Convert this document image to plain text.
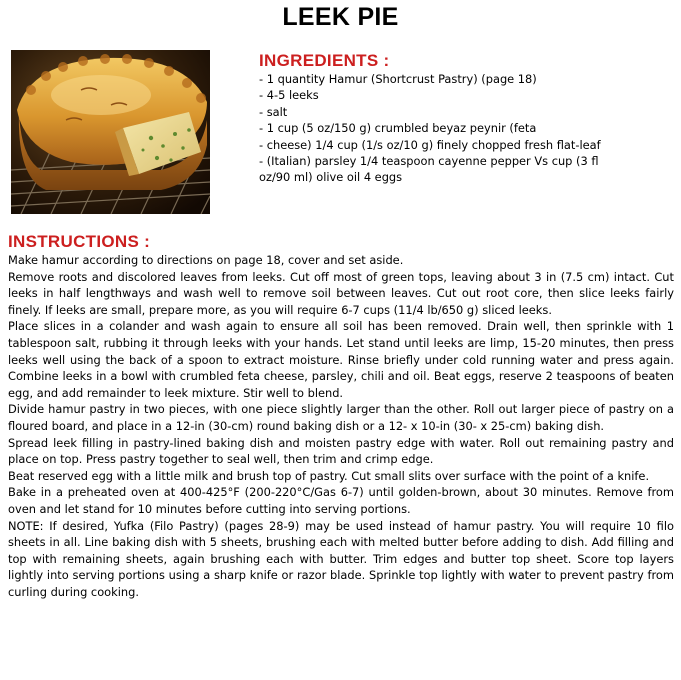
LEEK PIE
INGREDIENTS :
- 1 quantity Hamur (Shortcrust Pastry) (page 18)
- 4-5 leeks
- salt
- 1 cup (5 oz/150 g) crumbled beyaz peynir (feta
- cheese) 1/4 cup (1/s oz/10 g) finely chopped fresh flat-leaf
- (Italian) parsley 1/4 teaspoon cayenne pepper Vs cup (3 fl
oz/90 ml) olive oil 4 eggs
INSTRUCTIONS :
Make hamur according to directions on page 18, cover and set aside.
Remove roots and discolored leaves from leeks. Cut off most of green tops, leaving about 3 in (7.5 cm) intact. Cut leeks in half lengthways and wash well to remove soil between leaves. Cut out root core, then slice leeks fairly finely. If leeks are small, prepare more, as you will require 6-7 cups (11/4 lb/650 g) sliced leeks.
Place slices in a colander and wash again to ensure all soil has been removed. Drain well, then sprinkle with 1 tablespoon salt, rubbing it through leeks with your hands. Let stand until leeks are limp, 15-20 minutes, then press leeks well using the back of a spoon to extract moisture. Rinse briefly under cold running water and press again. Combine leeks in a bowl with crumbled feta cheese, parsley, chili and oil. Beat eggs, reserve 2 teaspoons of beaten egg, and add remainder to leek mixture. Stir well to blend.
Divide hamur pastry in two pieces, with one piece slightly larger than the other. Roll out larger piece of pastry on a floured board, and place in a 12-in (30-cm) round baking dish or a 12- x 10-in (30- x 25-cm) baking dish.
Spread leek filling in pastry-lined baking dish and moisten pastry edge with water. Roll out remaining pastry and place on top. Press pastry together to seal well, then trim and crimp edge.
Beat reserved egg with a little milk and brush top of pastry. Cut small slits over surface with the point of a knife.
Bake in a preheated oven at 400-425°F (200-220°C/Gas 6-7) until golden-brown, about 30 minutes. Remove from oven and let stand for 10 minutes before cutting into serving portions.
NOTE: If desired, Yufka (Filo Pastry) (pages 28-9) may be used instead of hamur pastry. You will require 10 filo sheets in all. Line baking dish with 5 sheets, brushing each with melted butter before adding to dish. Add filling and top with remaining sheets, again brushing each with butter. Trim edges and butter top sheet. Score top layers lightly into serving portions using a sharp knife or razor blade. Sprinkle top lightly with water to prevent pastry from curling during cooking.
